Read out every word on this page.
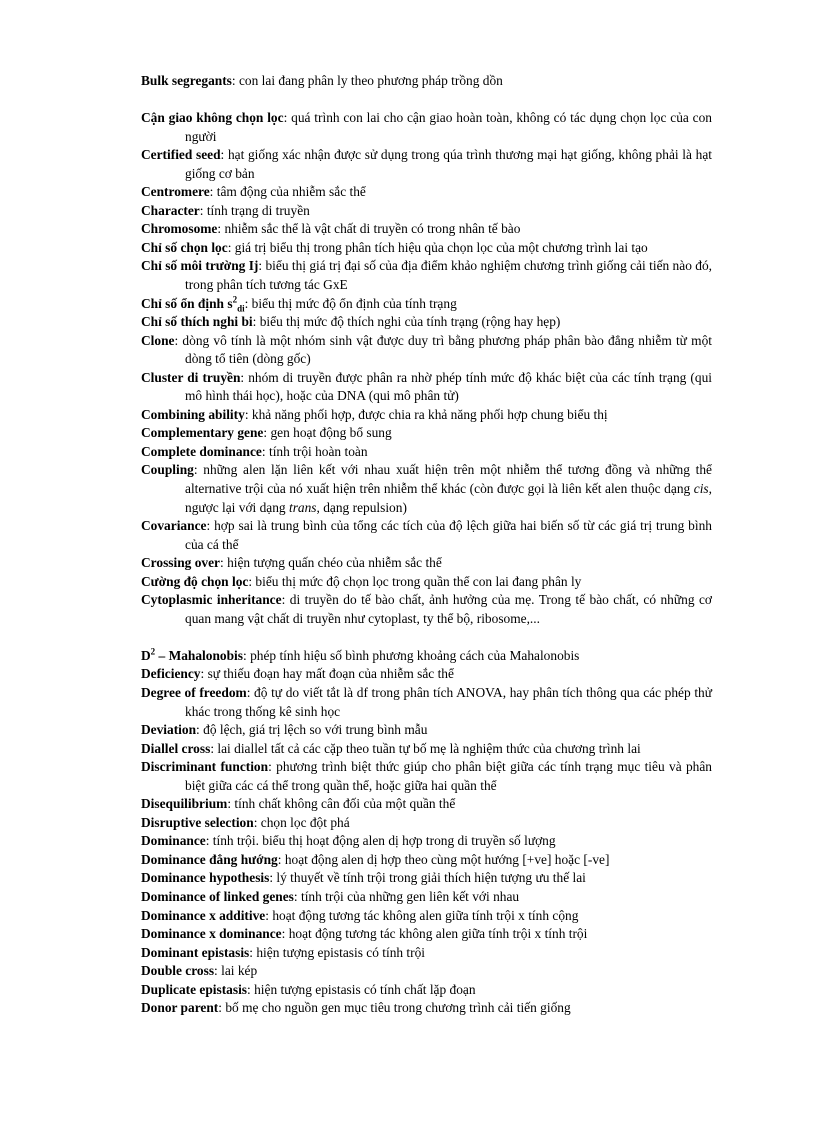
Bulk segregants: con lai đang phân ly theo phương pháp trồng dồn

Cận giao không chọn lọc: quá trình con lai cho cận giao hoàn toàn, không có tác dụng chọn lọc của con người

Certified seed: hạt giống xác nhận được sử dụng trong qúa trình thương mại hạt giống, không phải là hạt giống cơ bản

Centromere: tâm động của nhiễm sắc thể

Character: tính trạng di truyền

Chromosome: nhiễm sắc thể là vật chất di truyền có trong nhân tế bào

Chỉ số chọn lọc: giá trị biểu thị trong phân tích hiệu qủa chọn lọc của một chương trình lai tạo

Chỉ số môi trường Ij: biểu thị giá trị đại số của địa điểm khảo nghiệm chương trình giống cải tiến nào đó, trong phân tích tương tác GxE

Chỉ số ổn định $s^2_{di}$: biểu thị mức độ ổn định của tính trạng

Chỉ số thích nghi bi: biểu thị mức độ thích nghi của tính trạng (rộng hay hẹp)

Clone: dòng vô tính là một nhóm sinh vật được duy trì bằng phương pháp phân bào đẳng nhiễm từ một dòng tổ tiên (dòng gốc)

Cluster di truyền: nhóm di truyền được phân ra nhờ phép tính mức độ khác biệt của các tính trạng (qui mô hình thái học), hoặc của DNA (qui mô phân tử)

Combining ability: khả năng phối hợp, được chia ra khả năng phối hợp chung biểu thị

Complementary gene: gen hoạt động bổ sung

Complete dominance: tính trội hoàn toàn

Coupling: những alen lặn liên kết với nhau xuất hiện trên một nhiễm thể tương đồng và những thể alternative trội của nó xuất hiện trên nhiễm thể khác (còn được gọi là liên kết alen thuộc dạng cis, ngược lại với dạng trans, dạng repulsion)

Covariance: hợp sai là trung bình của tổng các tích của độ lệch giữa hai biến số từ các giá trị trung bình của cá thể

Crossing over: hiện tượng quấn chéo của nhiễm sắc thể

Cường độ chọn lọc: biểu thị mức độ chọn lọc trong quần thể con lai đang phân ly

Cytoplasmic inheritance: di truyền do tế bào chất, ảnh hưởng của mẹ. Trong tế bào chất, có những cơ quan mang vật chất di truyền như cytoplast, ty thể bộ, ribosome,...

$D^2$ – Mahalonobis: phép tính hiệu số bình phương khoảng cách của Mahalonobis

Deficiency: sự thiếu đoạn hay mất đoạn của nhiễm sắc thể

Degree of freedom: độ tự do viết tắt là df trong phân tích ANOVA, hay phân tích thông qua các phép thử khác trong thống kê sinh học

Deviation: độ lệch, giá trị lệch so với trung bình mẫu

Diallel cross: lai diallel tất cả các cặp theo tuần tự bố mẹ là nghiệm thức của chương trình lai

Discriminant function: phương trình biệt thức giúp cho phân biệt giữa các tính trạng mục tiêu và phân biệt giữa các cá thể trong quần thể, hoặc giữa hai quần thể

Disequilibrium: tính chất không cân đối của một quần thể

Disruptive selection: chọn lọc đột phá

Dominance: tính trội. biểu thị hoạt động alen dị hợp trong di truyền số lượng

Dominance đẳng hướng: hoạt động alen dị hợp theo cùng một hướng [+ve] hoặc [-ve]

Dominance hypothesis: lý thuyết về tính trội trong giải thích hiện tượng ưu thế lai

Dominance of linked genes: tính trội của những gen liên kết với nhau

Dominance x additive: hoạt động tương tác không alen giữa tính trội x tính cộng

Dominance x dominance: hoạt động tương tác không alen giữa tính trội x tính trội

Dominant epistasis: hiện tượng epistasis có tính trội

Double cross: lai kép

Duplicate epistasis: hiện tượng epistasis có tính chất lặp đoạn

Donor parent: bố mẹ cho nguồn gen mục tiêu trong chương trình cải tiến giống
